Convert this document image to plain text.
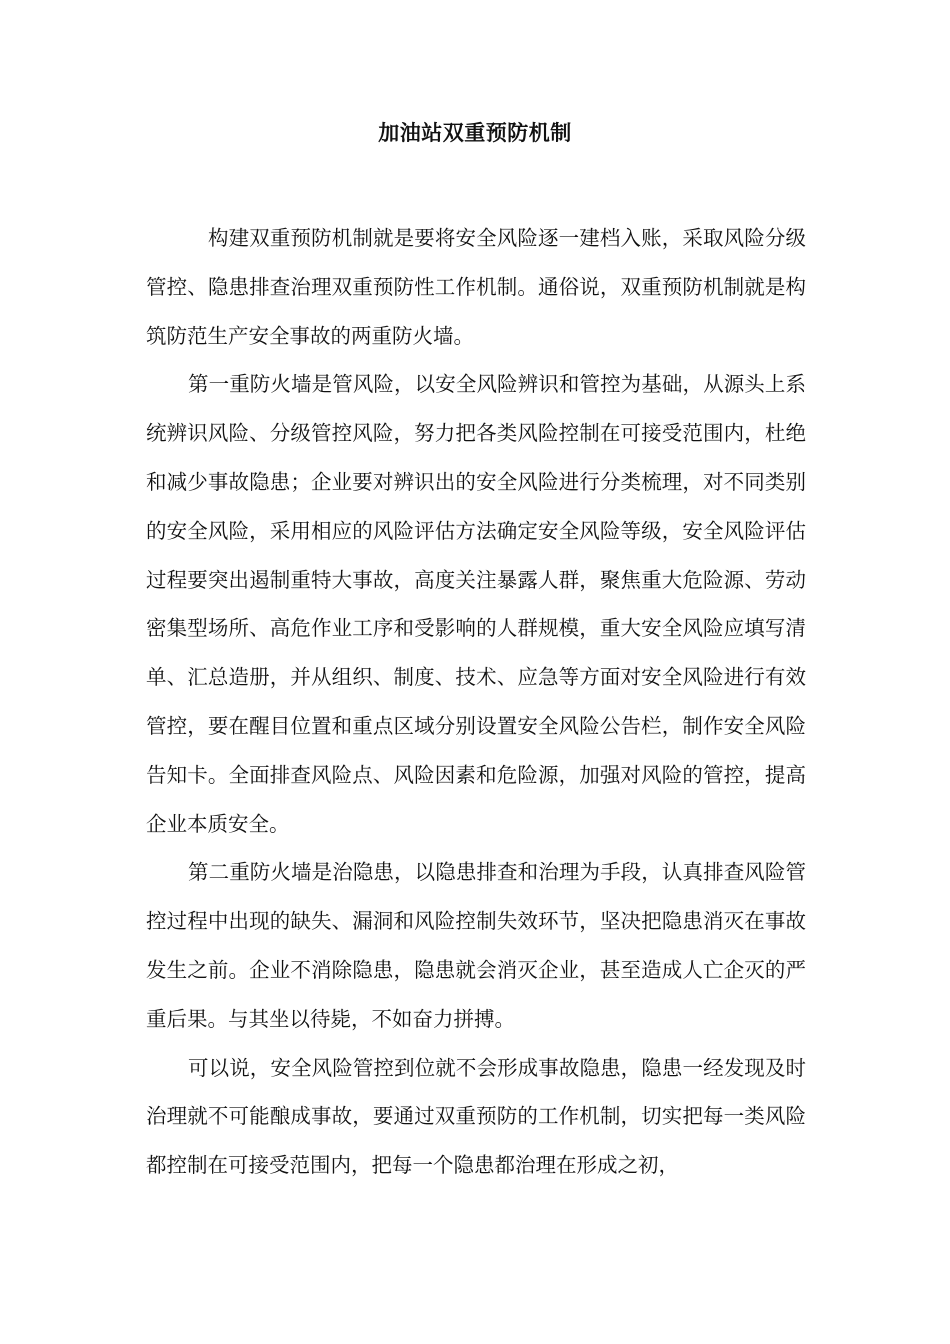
加油站双重预防机制

构建双重预防机制就是要将安全风险逐一建档入账，采取风险分级管控、隐患排查治理双重预防性工作机制。通俗说，双重预防机制就是构筑防范生产安全事故的两重防火墙。

第一重防火墙是管风险，以安全风险辨识和管控为基础，从源头上系统辨识风险、分级管控风险，努力把各类风险控制在可接受范围内，杜绝和减少事故隐患；企业要对辨识出的安全风险进行分类梳理，对不同类别的安全风险，采用相应的风险评估方法确定安全风险等级，安全风险评估过程要突出遏制重特大事故，高度关注暴露人群，聚焦重大危险源、劳动密集型场所、高危作业工序和受影响的人群规模，重大安全风险应填写清单、汇总造册，并从组织、制度、技术、应急等方面对安全风险进行有效管控，要在醒目位置和重点区域分别设置安全风险公告栏，制作安全风险告知卡。全面排查风险点、风险因素和危险源，加强对风险的管控，提高企业本质安全。

第二重防火墙是治隐患，以隐患排查和治理为手段，认真排查风险管控过程中出现的缺失、漏洞和风险控制失效环节，坚决把隐患消灭在事故发生之前。企业不消除隐患，隐患就会消灭企业，甚至造成人亡企灭的严重后果。与其坐以待毙，不如奋力拼搏。

可以说，安全风险管控到位就不会形成事故隐患，隐患一经发现及时治理就不可能酿成事故，要通过双重预防的工作机制，切实把每一类风险都控制在可接受范围内，把每一个隐患都治理在形成之初，
